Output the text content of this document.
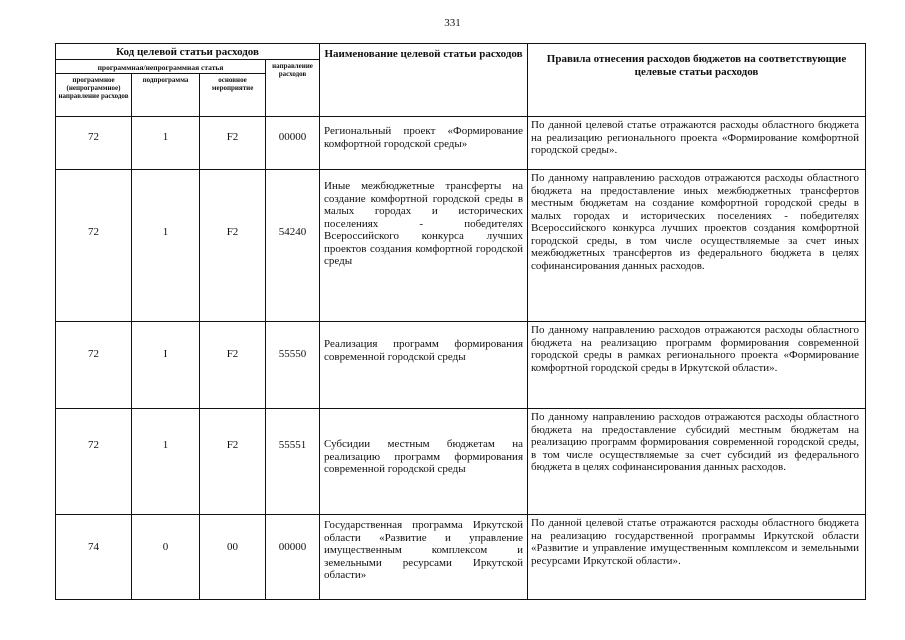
331
Код целевой статьи расходов				Наименование целевой статьи расходов	Правила отнесения расходов бюджетов на соответствующие целевые статьи расходов
программная/непрограммная статья			направление расходов		
программное (непрограммное) направление расходов	подпрограмма	основное мероприятие			
72	1	F2	00000	Региональный проект «Формирование комфортной городской среды»	По данной целевой статье отражаются расходы областного бюджета на реализацию регионального проекта «Формирование комфортной городской среды».
72	1	F2	54240	Иные межбюджетные трансферты на создание комфортной городской среды в малых городах и исторических поселениях - победителях Всероссийского конкурса лучших проектов создания комфортной городской среды	По данному направлению расходов отражаются расходы областного бюджета на предоставление иных межбюджетных трансфертов местным бюджетам на создание комфортной городской среды в малых городах и исторических поселениях - победителях Всероссийского конкурса лучших проектов создания комфортной городской среды, в том числе осуществляемые за счет иных межбюджетных трансфертов из федерального бюджета в целях софинансирования данных расходов.
72	I	F2	55550	Реализация программ формирования современной городской среды	По данному направлению расходов отражаются расходы областного бюджета на реализацию программ формирования современной городской среды в рамках регионального проекта «Формирование комфортной городской среды в Иркутской области».
72	1	F2	55551	Субсидии местным бюджетам на реализацию программ формирования современной городской среды	По данному направлению расходов отражаются расходы областного бюджета на предоставление субсидий местным бюджетам на реализацию программ формирования современной городской среды, в том числе осуществляемые за счет субсидий из федерального бюджета в целях софинансирования данных расходов.
74	0	00	00000	Государственная программа Иркутской области «Развитие и управление имущественным комплексом и земельными ресурсами Иркутской области»	По данной целевой статье отражаются расходы областного бюджета на реализацию государственной программы Иркутской области «Развитие и управление имущественным комплексом и земельными ресурсами Иркутской области».
